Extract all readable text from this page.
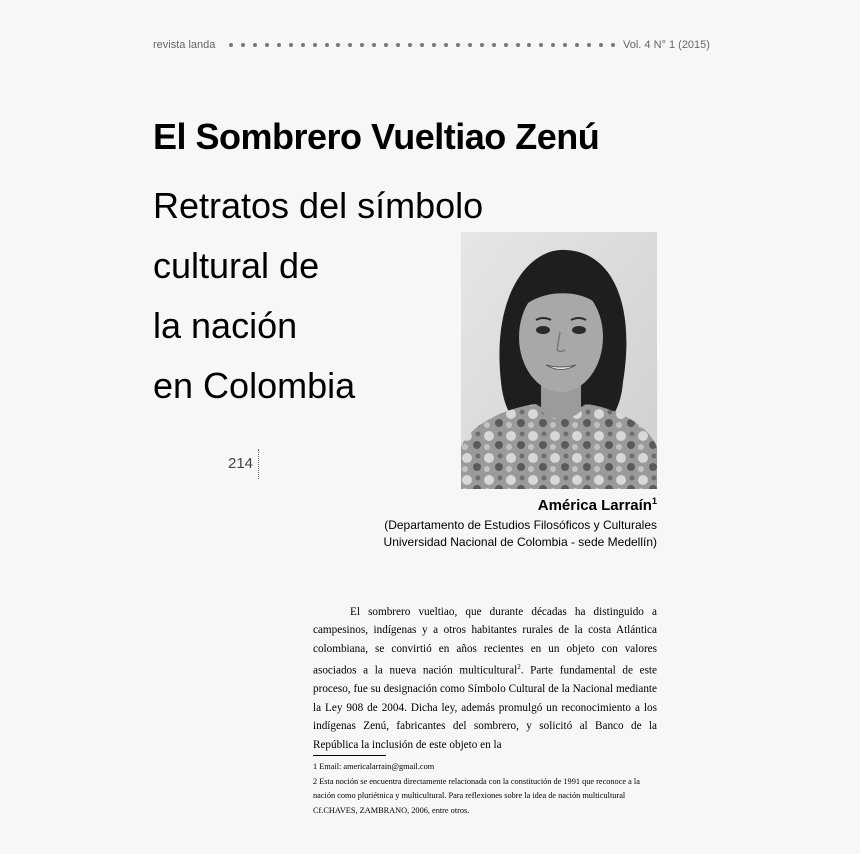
revista landa	Vol. 4 N° 1 (2015)
El Sombrero Vueltiao Zenú
Retratos del símbolo
cultural de
la nación
en Colombia
214
América Larraín$^1$
(Departamento de Estudios Filosóficos y Culturales
Universidad Nacional de Colombia - sede Medellín)

El sombrero vueltiao, que durante décadas ha distinguido a campesinos, indígenas y a otros habitantes rurales de la costa Atlántica colombiana, se convirtió en años recientes en un objeto con valores asociados a la nueva nación multicultural$^2$. Parte fundamental de este proceso, fue su designación como Símbolo Cultural de la Nacional mediante la Ley 908 de 2004. Dicha ley, además promulgó un reconocimiento a los indígenas Zenú, fabricantes del sombrero, y solicitó al Banco de la República la inclusión de este objeto en la

1 Email: americalarrain@gmail.com
2 Esta noción se encuentra directamente relacionada con la constitución de 1991 que reconoce a la nación como pluriétnica y multicultural. Para reflexiones sobre la idea de nación multicultural Cf.CHAVES, ZAMBRANO, 2006, entre otros.
